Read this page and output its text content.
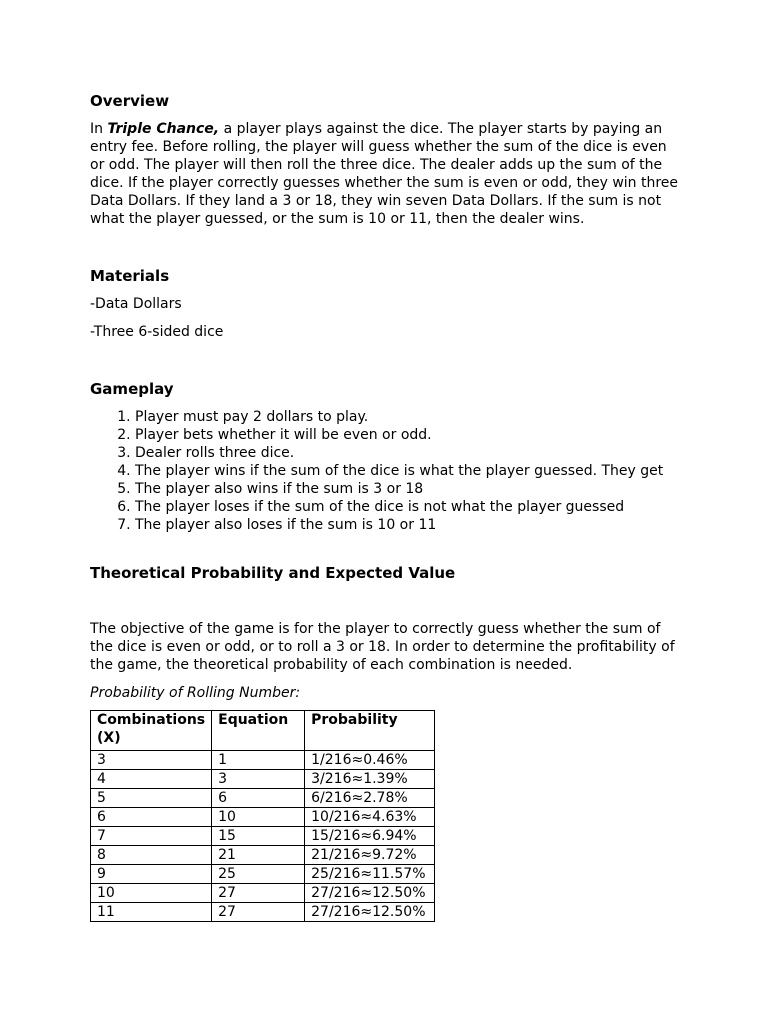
Overview

In Triple Chance, a player plays against the dice. The player starts by paying an entry fee. Before rolling, the player will guess whether the sum of the dice is even or odd. The player will then roll the three dice. The dealer adds up the sum of the dice. If the player correctly guesses whether the sum is even or odd, they win three Data Dollars. If they land a 3 or 18, they win seven Data Dollars. If the sum is not what the player guessed, or the sum is 10 or 11, then the dealer wins.

Materials

-Data Dollars

-Three 6-sided dice

Gameplay
1. Player must pay 2 dollars to play.
2. Player bets whether it will be even or odd.
3. Dealer rolls three dice.
4. The player wins if the sum of the dice is what the player guessed. They get
5. The player also wins if the sum is 3 or 18
6. The player loses if the sum of the dice is not what the player guessed
7. The player also loses if the sum is 10 or 11
Theoretical Probability and Expected Value

The objective of the game is for the player to correctly guess whether the sum of the dice is even or odd, or to roll a 3 or 18. In order to determine the profitability of the game, the theoretical probability of each combination is needed.

Probability of Rolling Number:

Combinations (X)	Equation	Probability
3	1	1/216≈0.46%
4	3	3/216≈1.39%
5	6	6/216≈2.78%
6	10	10/216≈4.63%
7	15	15/216≈6.94%
8	21	21/216≈9.72%
9	25	25/216≈11.57%
10	27	27/216≈12.50%
11	27	27/216≈12.50%
